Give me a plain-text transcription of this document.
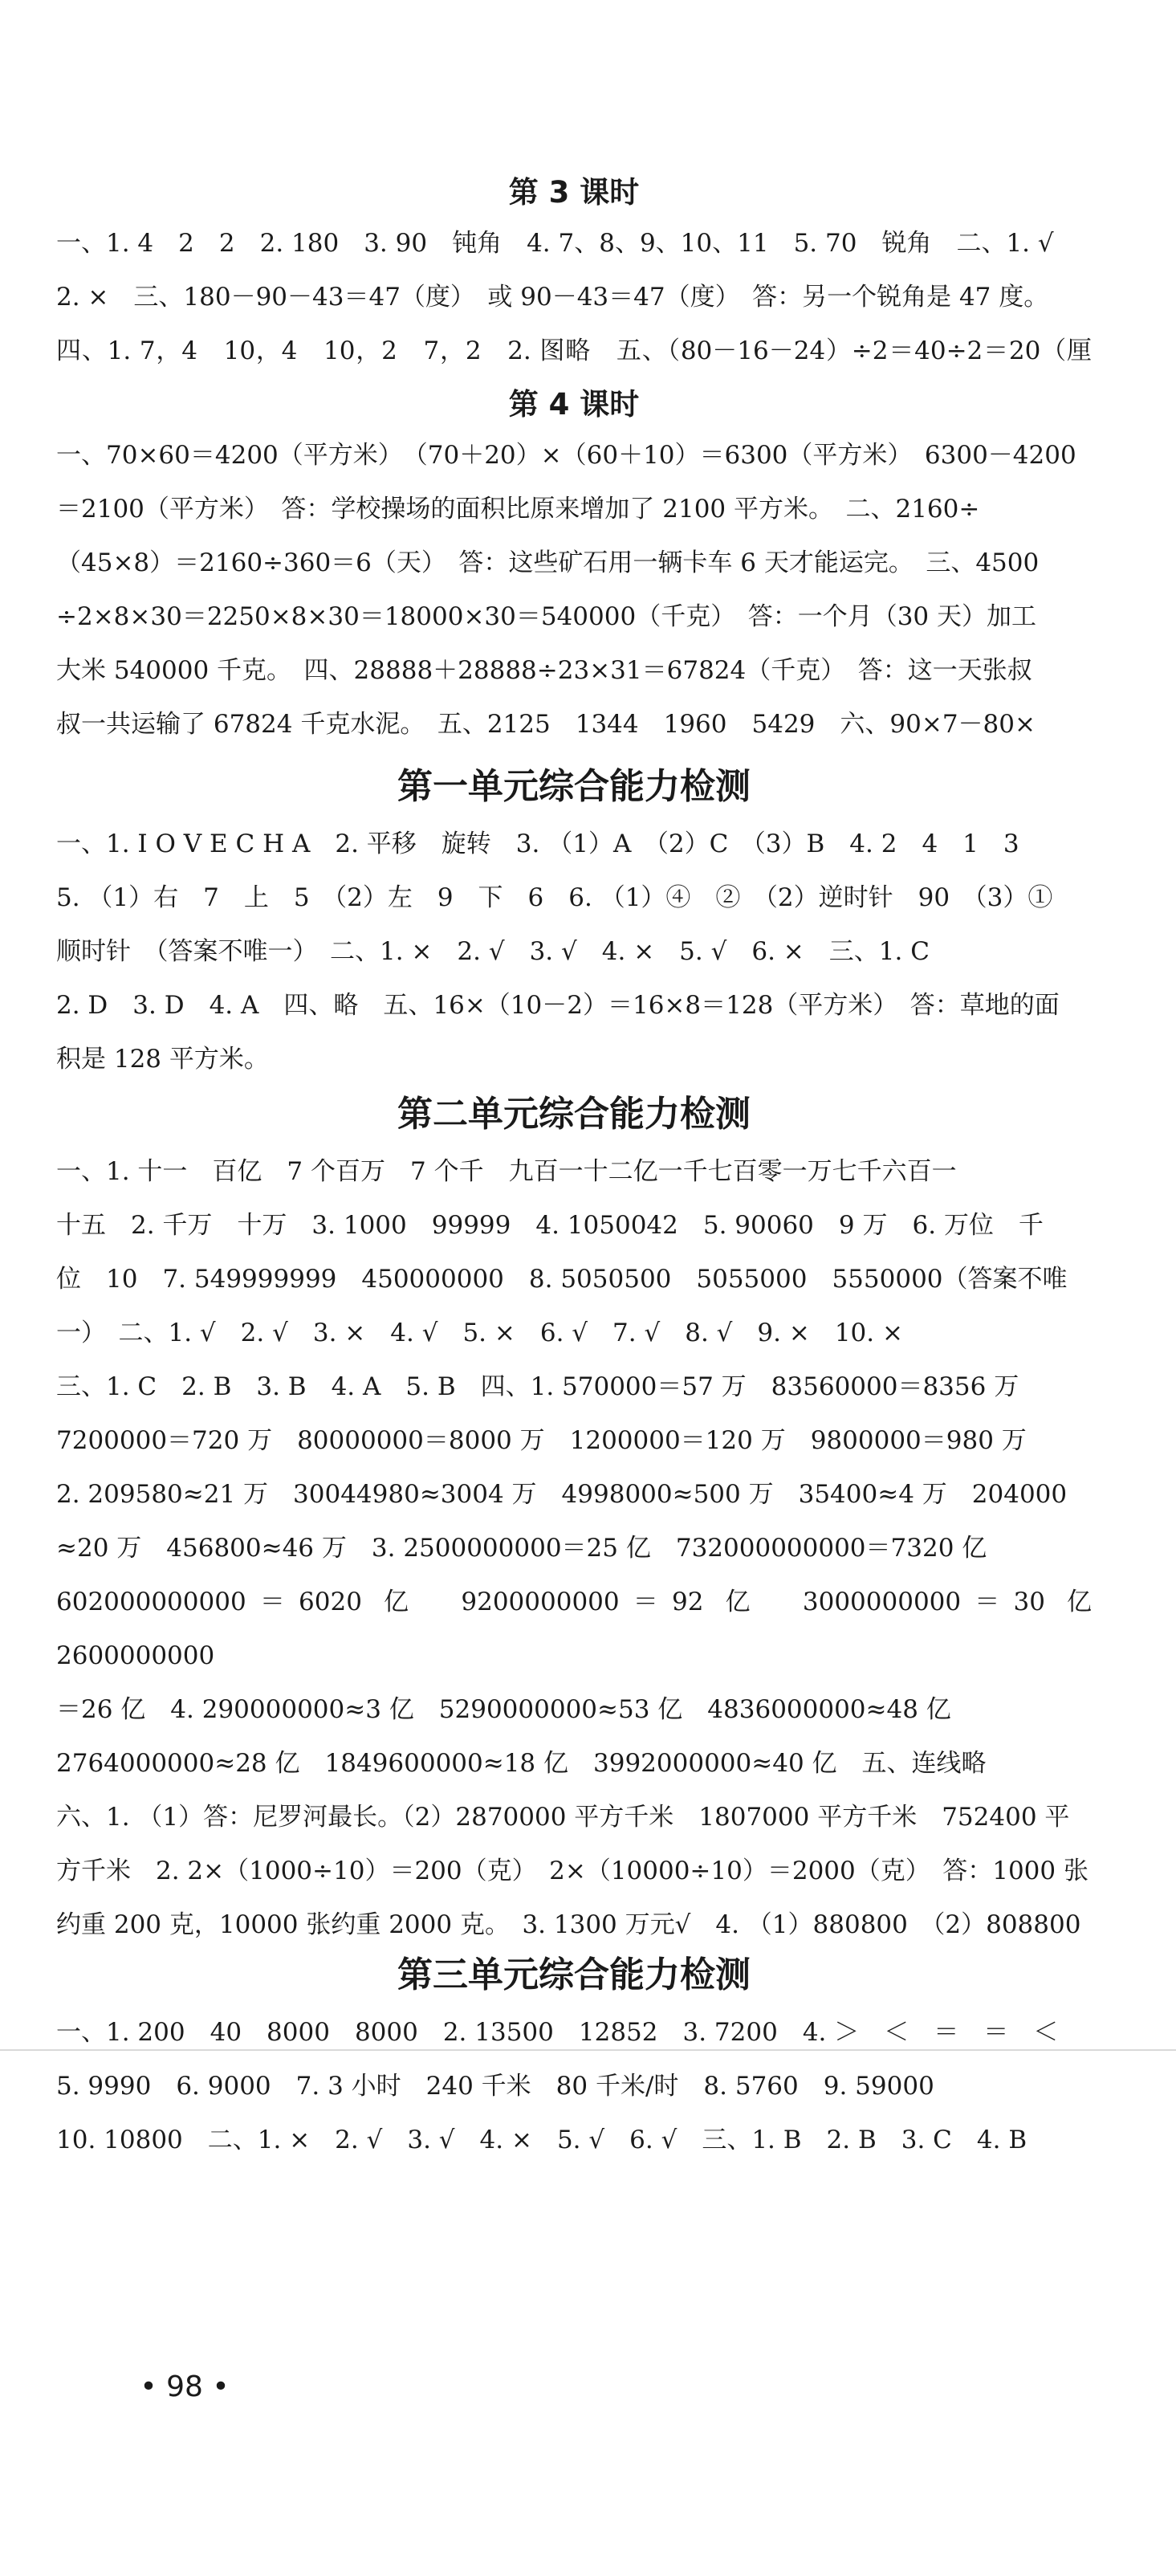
第 3 课时
一、1. 4　2　2　2. 180　3. 90　钝角　4. 7、8、9、10、11　5. 70　锐角　二、1. √
2. ×　三、180－90－43＝47（度）　或 90－43＝47（度）　答：另一个锐角是 47 度。
四、1. 7，4　10，4　10，2　7，2　2. 图略　五、（80－16－24）÷2＝40÷2＝20（厘
第 4 课时
一、70×60＝4200（平方米）　（70＋20）×（60＋10）＝6300（平方米）　6300－4200
＝2100（平方米）　答：学校操场的面积比原来增加了 2100 平方米。　二、2160÷
（45×8）＝2160÷360＝6（天）　答：这些矿石用一辆卡车 6 天才能运完。　三、4500
÷2×8×30＝2250×8×30＝18000×30＝540000（千克）　答：一个月（30 天）加工
大米 540000 千克。　四、28888＋28888÷23×31＝67824（千克）　答：这一天张叔
叔一共运输了 67824 千克水泥。　五、2125　1344　1960　5429　六、90×7－80×
第一单元综合能力检测
一、1. I O V E C H A　2. 平移　旋转　3. （1）A　（2）C　（3）B　4. 2　4　1　3
5. （1）右　7　上　5　（2）左　9　下　6　6. （1）④　②　（2）逆时针　90　（3）①
顺时针　（答案不唯一）　二、1. ×　2. √　3. √　4. ×　5. √　6. ×　三、1. C
2. D　3. D　4. A　四、略　五、16×（10－2）＝16×8＝128（平方米）　答：草地的面
积是 128 平方米。
第二单元综合能力检测
一、1. 十一　百亿　7 个百万　7 个千　九百一十二亿一千七百零一万七千六百一
十五　2. 千万　十万　3. 1000　99999　4. 1050042　5. 90060　9 万　6. 万位　千
位　10　7. 549999999　450000000　8. 5050500　5055000　5550000（答案不唯
一）　二、1. √　2. √　3. ×　4. √　5. ×　6. √　7. √　8. √　9. ×　10. ×
三、1. C　2. B　3. B　4. A　5. B　四、1. 570000＝57 万　83560000＝8356 万
7200000＝720 万　80000000＝8000 万　1200000＝120 万　9800000＝980 万
2. 209580≈21 万　30044980≈3004 万　4998000≈500 万　35400≈4 万　204000
≈20 万　456800≈46 万　3. 2500000000＝25 亿　732000000000＝7320 亿
602000000000＝6020 亿　9200000000＝92 亿　3000000000＝30 亿　2600000000
＝26 亿　4. 290000000≈3 亿　5290000000≈53 亿　4836000000≈48 亿
2764000000≈28 亿　1849600000≈18 亿　3992000000≈40 亿　五、连线略
六、1. （1）答：尼罗河最长。（2）2870000 平方千米　1807000 平方千米　752400 平
方千米　2. 2×（1000÷10）＝200（克）　2×（10000÷10）＝2000（克）　答：1000 张
约重 200 克，10000 张约重 2000 克。　3. 1300 万元√　4. （1）880800　（2）808800
第三单元综合能力检测
一、1. 200　40　8000　8000　2. 13500　12852　3. 7200　4. ＞　＜　＝　＝　＜
5. 9990　6. 9000　7. 3 小时　240 千米　80 千米/时　8. 5760　9. 59000
10. 10800　二、1. ×　2. √　3. √　4. ×　5. √　6. √　三、1. B　2. B　3. C　4. B
• 98 •
